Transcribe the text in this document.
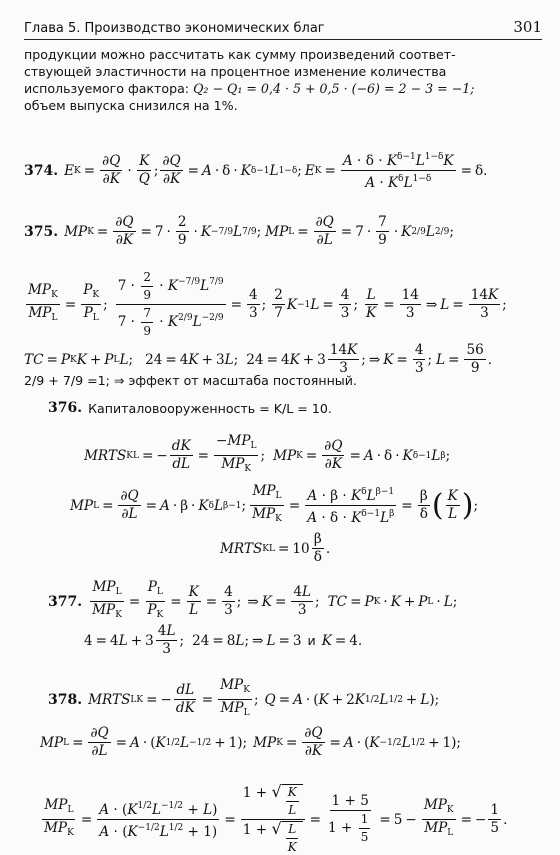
Глава 5. Производство экономических благ	301
продукции можно рассчитать как сумму произведений соответ-
ствующей эластичности на процентное изменение количества
используемого фактора: Q₂ − Q₁ = 0,4 · 5 + 0,5 · (−6) = 2 − 3 = −1;
объем выпуска снизился на 1%.
374. E $K = \frac{\partial Q}{\partial K} \cdot \frac{K}{Q}$ ; $\frac{\partial Q}{\partial K} = A \cdot \delta \cdot K$ δ−1 L 1−δ ; E $K = \frac{A \cdot \delta \cdot K^{\delta-1}L^{1-\delta}K}{A \cdot K^\delta L^{1-\delta}} = \delta$.
375. MP $K = \frac{\partial Q}{\partial K} = 7 \cdot \frac{2}{9} \cdot K -7/9$ L 7/9 ; MP $L = \frac{\partial Q}{\partial L} = 7 \cdot \frac{7}{9} \cdot K$ 2/9 L 2/9 ;
$\frac{MP_K}{MP_L} = \frac{P_K}{P_L}$ ; $\frac{7 \cdot \frac{2}{9} \cdot K^{-7/9}L^{7/9}}{7 \cdot \frac{7}{9} \cdot K^{2/9}L^{-2/9}} = \frac{4}{3}$ ; $\frac{2}{7}$ K −1 $L = \frac{4}{3}$ ; $\frac{L}{K} = \frac{14}{3}$ ⇒ $L = \frac{14K}{3}$ ;
TC = P K K + P L L ; 24 = 4 K + 3 L ; 24 = 4 $K + 3 \frac{14K}{3}$ ; ⇒ $K = \frac{4}{3}$ ; $L = \frac{56}{9}$ .
2/9 + 7/9 =1; ⇒ эффект от масштаба постоянный.
376. Капиталовооруженность = K/L = 10.
MRTS KL = − $\frac{dK}{dL} = \frac{-MP_L}{MP_K}$ ; MP $K = \frac{\partial Q}{\partial K} = A \cdot \delta \cdot K$ δ−1 L β ;
MP $L = \frac{\partial Q}{\partial L} = A \cdot \beta \cdot K$ δ L β−1 ; $\frac{MP_L}{MP_K} = \frac{A \cdot \beta \cdot K^\delta L^{\beta-1}}{A \cdot \delta \cdot K^{\delta-1}L^\beta} = \frac{\beta}{\delta}$ ( $\frac{K}{L}$ ) ;
MRTS KL = $10 \frac{\beta}{\delta}$ .
377. $\frac{MP_L}{MP_K} = \frac{P_L}{P_K} = \frac{K}{L} = \frac{4}{3}$ ; ⇒ $K = \frac{4L}{3}$ ; TC = P K · K + P L · L ;
4 = 4 $L + 3 \frac{4L}{3}$ ; 24 = 8 L ; ⇒ L = 3 и K = 4.
378. MRTS LK = − $\frac{dL}{dK} = \frac{MP_K}{MP_L}$ ; Q = A · ( K + 2 K 1/2 L 1/2 + L );
MP $L = \frac{\partial Q}{\partial L} = A$ · ( K 1/2 L −1/2 + 1); MP $K = \frac{\partial Q}{\partial K} = A$ · ( K −1/2 L 1/2 + 1);
$\frac{MP_L}{MP_K} = \frac{A \cdot (K^{1/2}L^{-1/2} + L)}{A \cdot (K^{-1/2}L^{1/2} + 1)} = \frac{1 + √ \frac{K}{L}}{1 + √ \frac{L}{K}} = \frac{1 + 5}{1 + \frac{1}{5}} = 5 - \frac{MP_K}{MP_L}$ = − $\frac{1}{5}$ .
